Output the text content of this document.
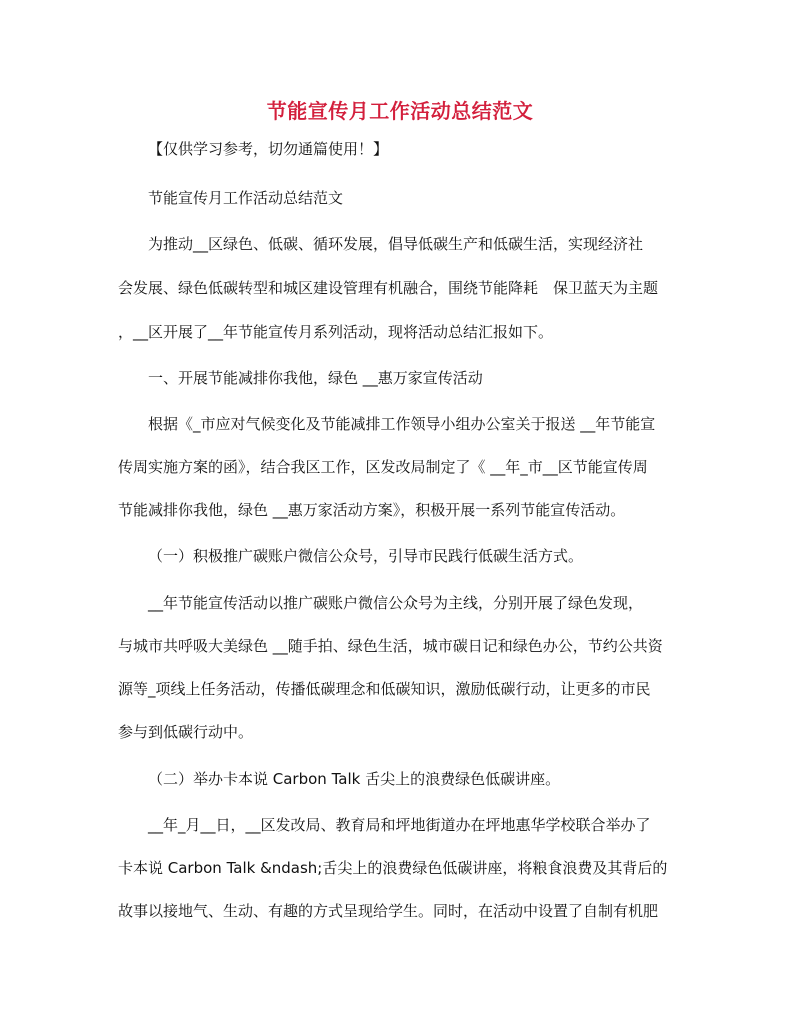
节能宣传月工作活动总结范文
【仅供学习参考，切勿通篇使用！】
节能宣传月工作活动总结范文
为推动__区绿色、低碳、循环发展，倡导低碳生产和低碳生活，实现经济社
会发展、绿色低碳转型和城区建设管理有机融合，围绕节能降耗　保卫蓝天为主题
，__区开展了__年节能宣传月系列活动，现将活动总结汇报如下。
一、开展节能减排你我他，绿色 __惠万家宣传活动
根据《_市应对气候变化及节能减排工作领导小组办公室关于报送 __年节能宣
传周实施方案的函》，结合我区工作，区发改局制定了《 __年_市__区节能宣传周
节能减排你我他，绿色 __惠万家活动方案》，积极开展一系列节能宣传活动。
（一）积极推广碳账户微信公众号，引导市民践行低碳生活方式。
__年节能宣传活动以推广碳账户微信公众号为主线，分别开展了绿色发现，
与城市共呼吸大美绿色 __随手拍、绿色生活，城市碳日记和绿色办公，节约公共资
源等_项线上任务活动，传播低碳理念和低碳知识，激励低碳行动，让更多的市民
参与到低碳行动中。
（二）举办卡本说 Carbon Talk 舌尖上的浪费绿色低碳讲座。
__年_月__日，__区发改局、教育局和坪地街道办在坪地惠华学校联合举办了
卡本说 Carbon Talk &ndash;舌尖上的浪费绿色低碳讲座，将粮食浪费及其背后的
故事以接地气、生动、有趣的方式呈现给学生。同时，在活动中设置了自制有机肥
